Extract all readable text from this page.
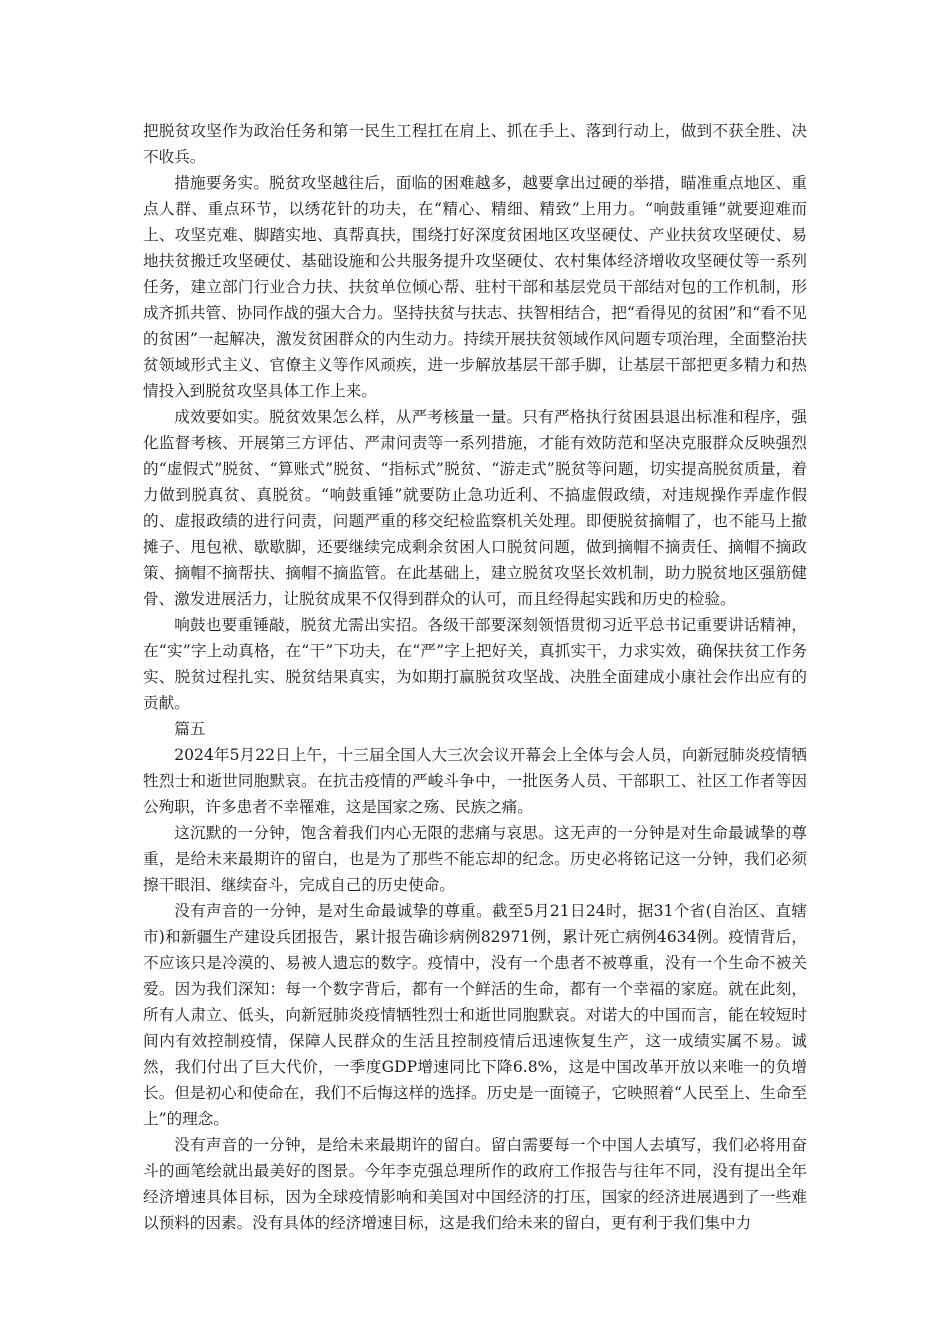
把脱贫攻坚作为政治任务和第一民生工程扛在肩上、抓在手上、落到行动上，做到不获全胜、决不收兵。

措施要务实。脱贫攻坚越往后，面临的困难越多，越要拿出过硬的举措，瞄准重点地区、重点人群、重点环节，以绣花针的功夫，在“精心、精细、精致”上用力。“响鼓重锤”就要迎难而上、攻坚克难、脚踏实地、真帮真扶，围绕打好深度贫困地区攻坚硬仗、产业扶贫攻坚硬仗、易地扶贫搬迁攻坚硬仗、基础设施和公共服务提升攻坚硬仗、农村集体经济增收攻坚硬仗等一系列任务，建立部门行业合力扶、扶贫单位倾心帮、驻村干部和基层党员干部结对包的工作机制，形成齐抓共管、协同作战的强大合力。坚持扶贫与扶志、扶智相结合，把“看得见的贫困”和“看不见的贫困”一起解决，激发贫困群众的内生动力。持续开展扶贫领域作风问题专项治理，全面整治扶贫领域形式主义、官僚主义等作风顽疾，进一步解放基层干部手脚，让基层干部把更多精力和热情投入到脱贫攻坚具体工作上来。

成效要如实。脱贫效果怎么样，从严考核量一量。只有严格执行贫困县退出标准和程序，强化监督考核、开展第三方评估、严肃问责等一系列措施，才能有效防范和坚决克服群众反映强烈的“虚假式”脱贫、“算账式”脱贫、“指标式”脱贫、“游走式”脱贫等问题，切实提高脱贫质量，着力做到脱真贫、真脱贫。“响鼓重锤”就要防止急功近利、不搞虚假政绩，对违规操作弄虚作假的、虚报政绩的进行问责，问题严重的移交纪检监察机关处理。即便脱贫摘帽了，也不能马上撤摊子、甩包袱、歇歇脚，还要继续完成剩余贫困人口脱贫问题，做到摘帽不摘责任、摘帽不摘政策、摘帽不摘帮扶、摘帽不摘监管。在此基础上，建立脱贫攻坚长效机制，助力脱贫地区强筋健骨、激发进展活力，让脱贫成果不仅得到群众的认可，而且经得起实践和历史的检验。

响鼓也要重锤敲，脱贫尤需出实招。各级干部要深刻领悟贯彻习近平总书记重要讲话精神，在“实”字上动真格，在“干”下功夫，在“严”字上把好关，真抓实干，力求实效，确保扶贫工作务实、脱贫过程扎实、脱贫结果真实，为如期打赢脱贫攻坚战、决胜全面建成小康社会作出应有的贡献。

篇五

2024年5月22日上午，十三届全国人大三次会议开幕会上全体与会人员，向新冠肺炎疫情牺牲烈士和逝世同胞默哀。在抗击疫情的严峻斗争中，一批医务人员、干部职工、社区工作者等因公殉职，许多患者不幸罹难，这是国家之殇、民族之痛。

这沉默的一分钟，饱含着我们内心无限的悲痛与哀思。这无声的一分钟是对生命最诚挚的尊重，是给未来最期许的留白，也是为了那些不能忘却的纪念。历史必将铭记这一分钟，我们必须擦干眼泪、继续奋斗，完成自己的历史使命。

没有声音的一分钟，是对生命最诚挚的尊重。截至5月21日24时，据31个省(自治区、直辖市)和新疆生产建设兵团报告，累计报告确诊病例82971例，累计死亡病例4634例。疫情背后，不应该只是冷漠的、易被人遗忘的数字。疫情中，没有一个患者不被尊重，没有一个生命不被关爱。因为我们深知：每一个数字背后，都有一个鲜活的生命，都有一个幸福的家庭。就在此刻，所有人肃立、低头，向新冠肺炎疫情牺牲烈士和逝世同胞默哀。对诺大的中国而言，能在较短时间内有效控制疫情，保障人民群众的生活且控制疫情后迅速恢复生产，这一成绩实属不易。诚然，我们付出了巨大代价，一季度GDP增速同比下降6.8%，这是中国改革开放以来唯一的负增长。但是初心和使命在，我们不后悔这样的选择。历史是一面镜子，它映照着“人民至上、生命至上”的理念。

没有声音的一分钟，是给未来最期许的留白。留白需要每一个中国人去填写，我们必将用奋斗的画笔绘就出最美好的图景。今年李克强总理所作的政府工作报告与往年不同，没有提出全年经济增速具体目标，因为全球疫情影响和美国对中国经济的打压，国家的经济进展遇到了一些难以预料的因素。没有具体的经济增速目标，这是我们给未来的留白，更有利于我们集中力
